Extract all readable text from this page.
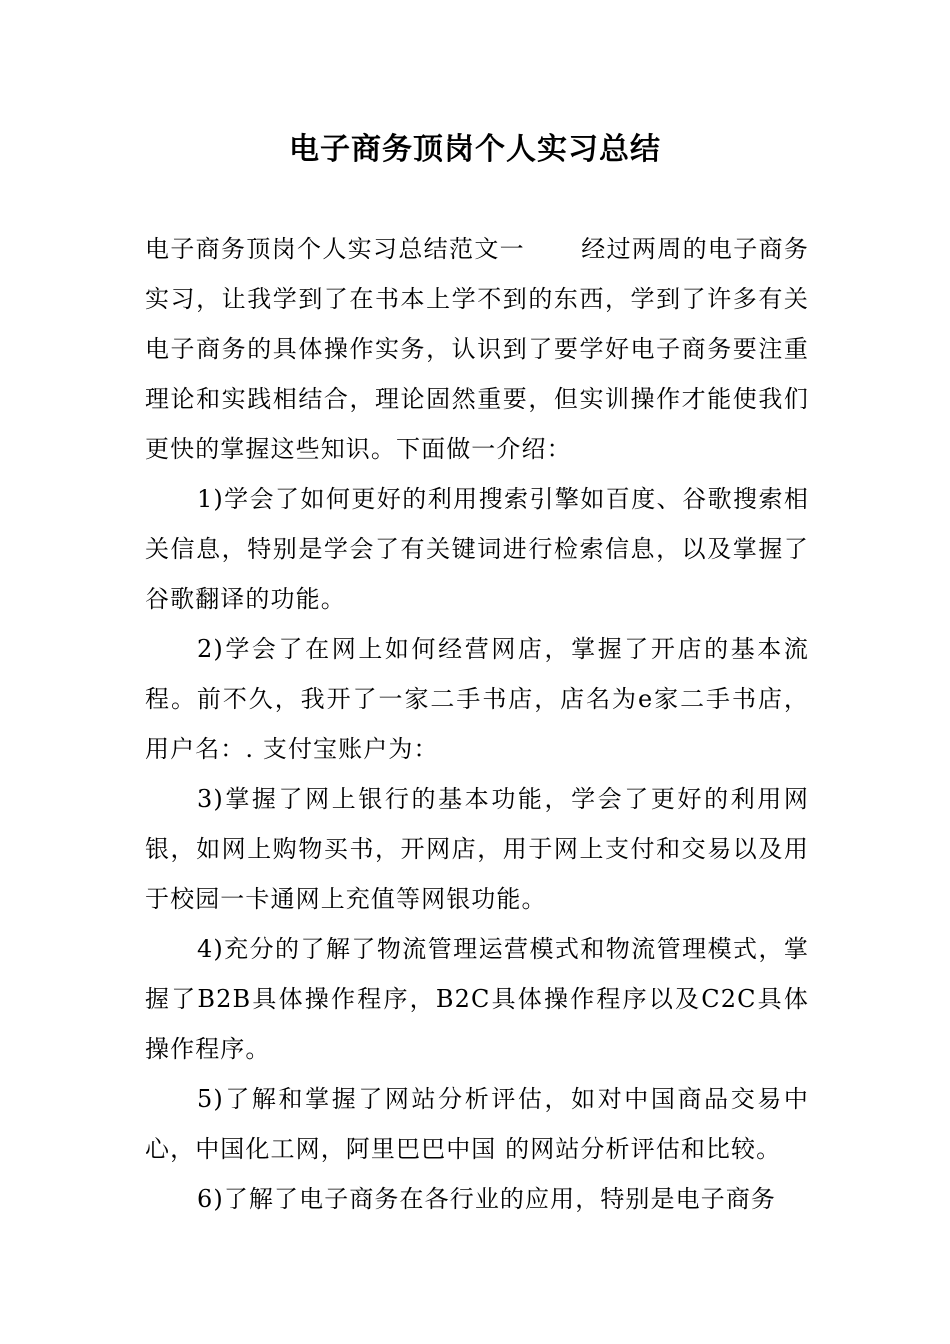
电子商务顶岗个人实习总结

电子商务顶岗个人实习总结范文一 经过两周的电子商务实习，让我学到了在书本上学不到的东西，学到了许多有关电子商务的具体操作实务，认识到了要学好电子商务要注重理论和实践相结合，理论固然重要，但实训操作才能使我们更快的掌握这些知识。下面做一介绍：

1)学会了如何更好的利用搜索引擎如百度、谷歌搜索相关信息，特别是学会了有关键词进行检索信息，以及掌握了谷歌翻译的功能。

2)学会了在网上如何经营网店，掌握了开店的基本流程。前不久，我开了一家二手书店，店名为e家二手书店，用户名：. 支付宝账户为：

3)掌握了网上银行的基本功能，学会了更好的利用网银，如网上购物买书，开网店，用于网上支付和交易以及用于校园一卡通网上充值等网银功能。

4)充分的了解了物流管理运营模式和物流管理模式，掌握了B2B具体操作程序，B2C具体操作程序以及C2C具体操作程序。

5)了解和掌握了网站分析评估，如对中国商品交易中心，中国化工网，阿里巴巴中国 的网站分析评估和比较。

6)了解了电子商务在各行业的应用，特别是电子商务
